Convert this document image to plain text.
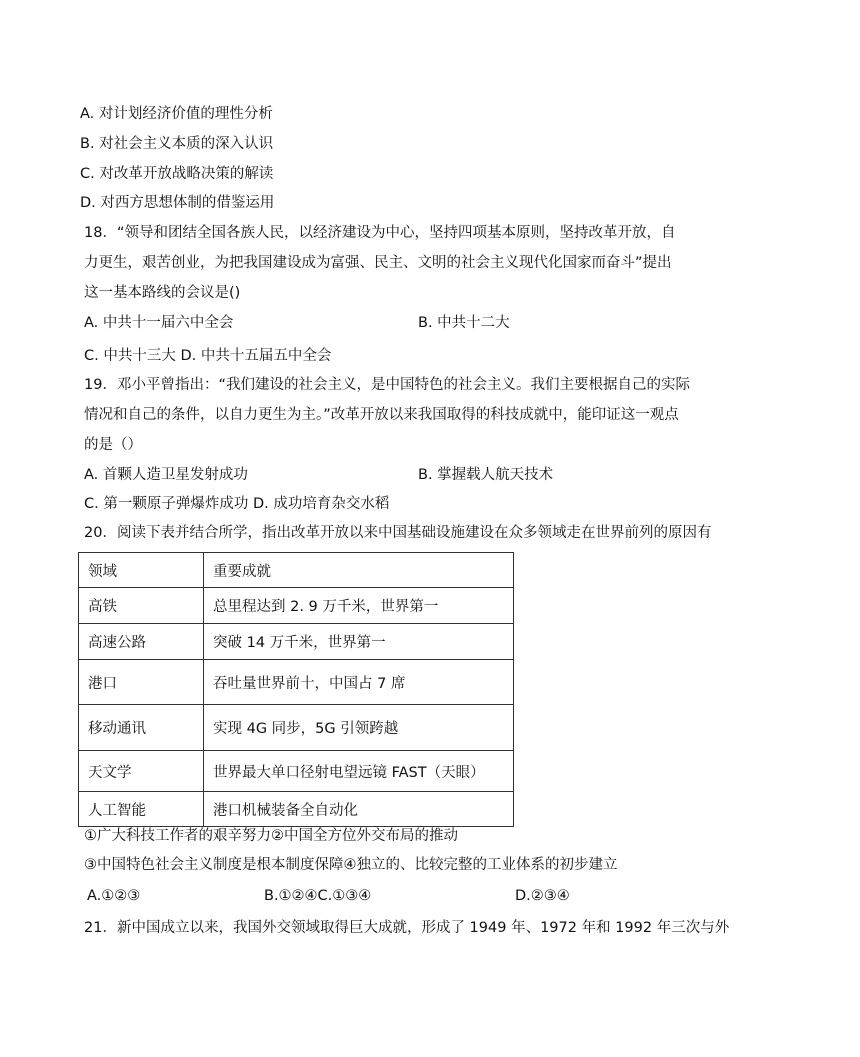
A. 对计划经济价值的理性分析
B. 对社会主义本质的深入认识
C. 对改革开放战略决策的解读
D. 对西方思想体制的借鉴运用
18．“领导和团结全国各族人民，以经济建设为中心，坚持四项基本原则，坚持改革开放，自
力更生，艰苦创业，为把我国建设成为富强、民主、文明的社会主义现代化国家而奋斗”提出
这一基本路线的会议是()
A. 中共十一届六中全会	B. 中共十二大
C. 中共十三大 D. 中共十五届五中全会
19．邓小平曾指出：“我们建设的社会主义，是中国特色的社会主义。我们主要根据自己的实际
情况和自己的条件，以自力更生为主。”改革开放以来我国取得的科技成就中，能印证这一观点
的是（）
A. 首颗人造卫星发射成功	B. 掌握载人航天技术
C. 第一颗原子弹爆炸成功 D. 成功培育杂交水稻
20．阅读下表并结合所学，指出改革开放以来中国基础设施建设在众多领域走在世界前列的原因有
领域	重要成就
高铁	总里程达到 2. 9 万千米，世界第一
高速公路	突破 14 万千米，世界第一
港口	吞吐量世界前十，中国占 7 席
移动通讯	实现 4G 同步，5G 引领跨越
天文学	世界最大单口径射电望远镜 FAST（天眼）
人工智能	港口机械装备全自动化
①广大科技工作者的艰辛努力②中国全方位外交布局的推动
③中国特色社会主义制度是根本制度保障④独立的、比较完整的工业体系的初步建立
A.①②③	B.①②④C.①③④	D.②③④
21．新中国成立以来，我国外交领域取得巨大成就，形成了 1949 年、1972 年和 1992 年三次与外
